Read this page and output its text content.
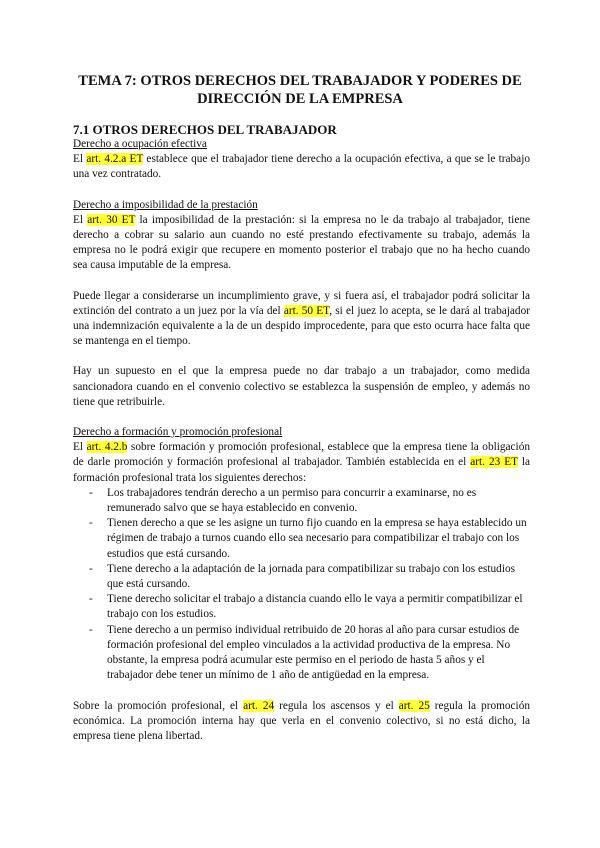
TEMA 7: OTROS DERECHOS DEL TRABAJADOR Y PODERES DE
DIRECCIÓN DE LA EMPRESA
7.1 OTROS DERECHOS DEL TRABAJADOR
Derecho a ocupación efectiva

El art. 4.2.a ET establece que el trabajador tiene derecho a la ocupación efectiva, a que se le trabajo una vez contratado.

Derecho a imposibilidad de la prestación

El art. 30 ET la imposibilidad de la prestación: si la empresa no le da trabajo al trabajador, tiene derecho a cobrar su salario aun cuando no esté prestando efectivamente su trabajo, además la empresa no le podrá exigir que recupere en momento posterior el trabajo que no ha hecho cuando sea causa imputable de la empresa.

Puede llegar a considerarse un incumplimiento grave, y si fuera así, el trabajador podrá solicitar la extinción del contrato a un juez por la vía del art. 50 ET, si el juez lo acepta, se le dará al trabajador una indemnización equivalente a la de un despido improcedente, para que esto ocurra hace falta que se mantenga en el tiempo.

Hay un supuesto en el que la empresa puede no dar trabajo a un trabajador, como medida sancionadora cuando en el convenio colectivo se establezca la suspensión de empleo, y además no tiene que retribuirle.

Derecho a formación y promoción profesional

El art. 4.2.b sobre formación y promoción profesional, establece que la empresa tiene la obligación de darle promoción y formación profesional al trabajador. También establecida en el art. 23 ET la formación profesional trata los siguientes derechos:

- Los trabajadores tendrán derecho a un permiso para concurrir a examinarse, no es remunerado salvo que se haya establecido en convenio.
- Tienen derecho a que se les asigne un turno fijo cuando en la empresa se haya establecido un régimen de trabajo a turnos cuando ello sea necesario para compatibilizar el trabajo con los estudios que está cursando.
- Tiene derecho a la adaptación de la jornada para compatibilizar su trabajo con los estudios que está cursando.
- Tiene derecho solicitar el trabajo a distancia cuando ello le vaya a permitir compatibilizar el trabajo con los estudios.
- Tiene derecho a un permiso individual retribuido de 20 horas al año para cursar estudios de formación profesional del empleo vinculados a la actividad productiva de la empresa. No obstante, la empresa podrá acumular este permiso en el periodo de hasta 5 años y el trabajador debe tener un mínimo de 1 año de antigüedad en la empresa.

Sobre la promoción profesional, el art. 24 regula los ascensos y el art. 25 regula la promoción económica. La promoción interna hay que verla en el convenio colectivo, si no está dicho, la empresa tiene plena libertad.
